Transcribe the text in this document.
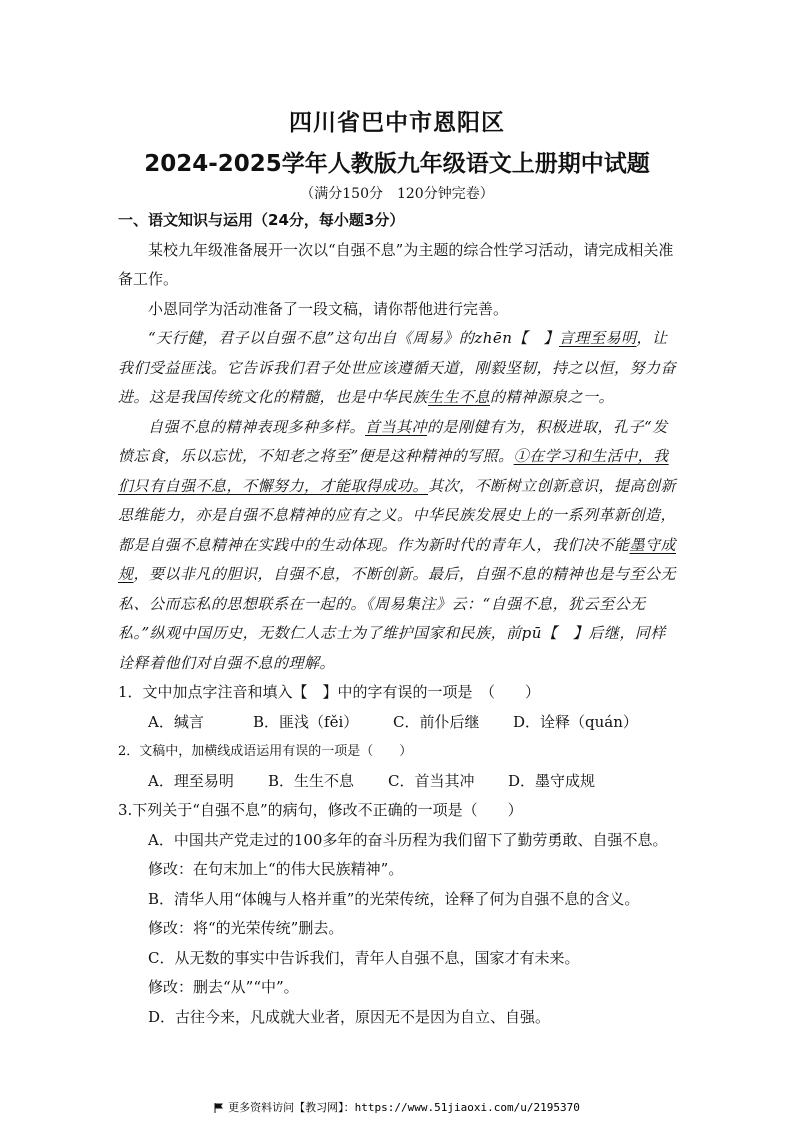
四川省巴中市恩阳区
2024-2025学年人教版九年级语文上册期中试题
（满分150分　120分钟完卷）

一、语文知识与运用（24分，每小题3分）

某校九年级准备展开一次以“自强不息”为主题的综合性学习活动，请完成相关准备工作。

小恩同学为活动准备了一段文稿，请你帮他进行完善。

“天行健，君子以自强不息”这句出自《周易》的zhēn【　】言理至易明，让我们受益匪浅。它告诉我们君子处世应该遵循天道，刚毅坚韧，持之以恒，努力奋进。这是我国传统文化的精髓，也是中华民族生生不息的精神源泉之一。

自强不息的精神表现多种多样。首当其冲的是刚健有为，积极进取，孔子“发愤忘食，乐以忘忧，不知老之将至”便是这种精神的写照。①在学习和生活中，我们只有自强不息，不懈努力，才能取得成功。其次，不断树立创新意识，提高创新思维能力，亦是自强不息精神的应有之义。中华民族发展史上的一系列革新创造，都是自强不息精神在实践中的生动体现。作为新时代的青年人，我们决不能墨守成规，要以非凡的胆识，自强不息，不断创新。最后，自强不息的精神也是与至公无私、公而忘私的思想联系在一起的。《周易集注》云：“自强不息，犹云至公无私。”纵观中国历史，无数仁人志士为了维护国家和民族，前pū【　】后继，同样诠释着他们对自强不息的理解。

1．文中加点字注音和填入【　】中的字有误的一项是　（　　）

A．缄言	B．匪浅（fěi） C．前仆后继 D．诠释（quán）

2．文稿中，加横线成语运用有误的一项是（　　）

A．理至易明 B．生生不息 C．首当其冲 D．墨守成规

3.下列关于“自强不息”的病句，修改不正确的一项是（　　）

A．中国共产党走过的100多年的奋斗历程为我们留下了勤劳勇敢、自强不息。

修改：在句末加上“的伟大民族精神”。

B．清华人用“体魄与人格并重”的光荣传统，诠释了何为自强不息的含义。

修改：将“的光荣传统”删去。

C．从无数的事实中告诉我们，青年人自强不息，国家才有未来。

修改：删去“从”“中”。

D．古往今来，凡成就大业者，原因无不是因为自立、自强。

更多资料访问【教习网】：https://www.51jiaoxi.com/u/2195370
